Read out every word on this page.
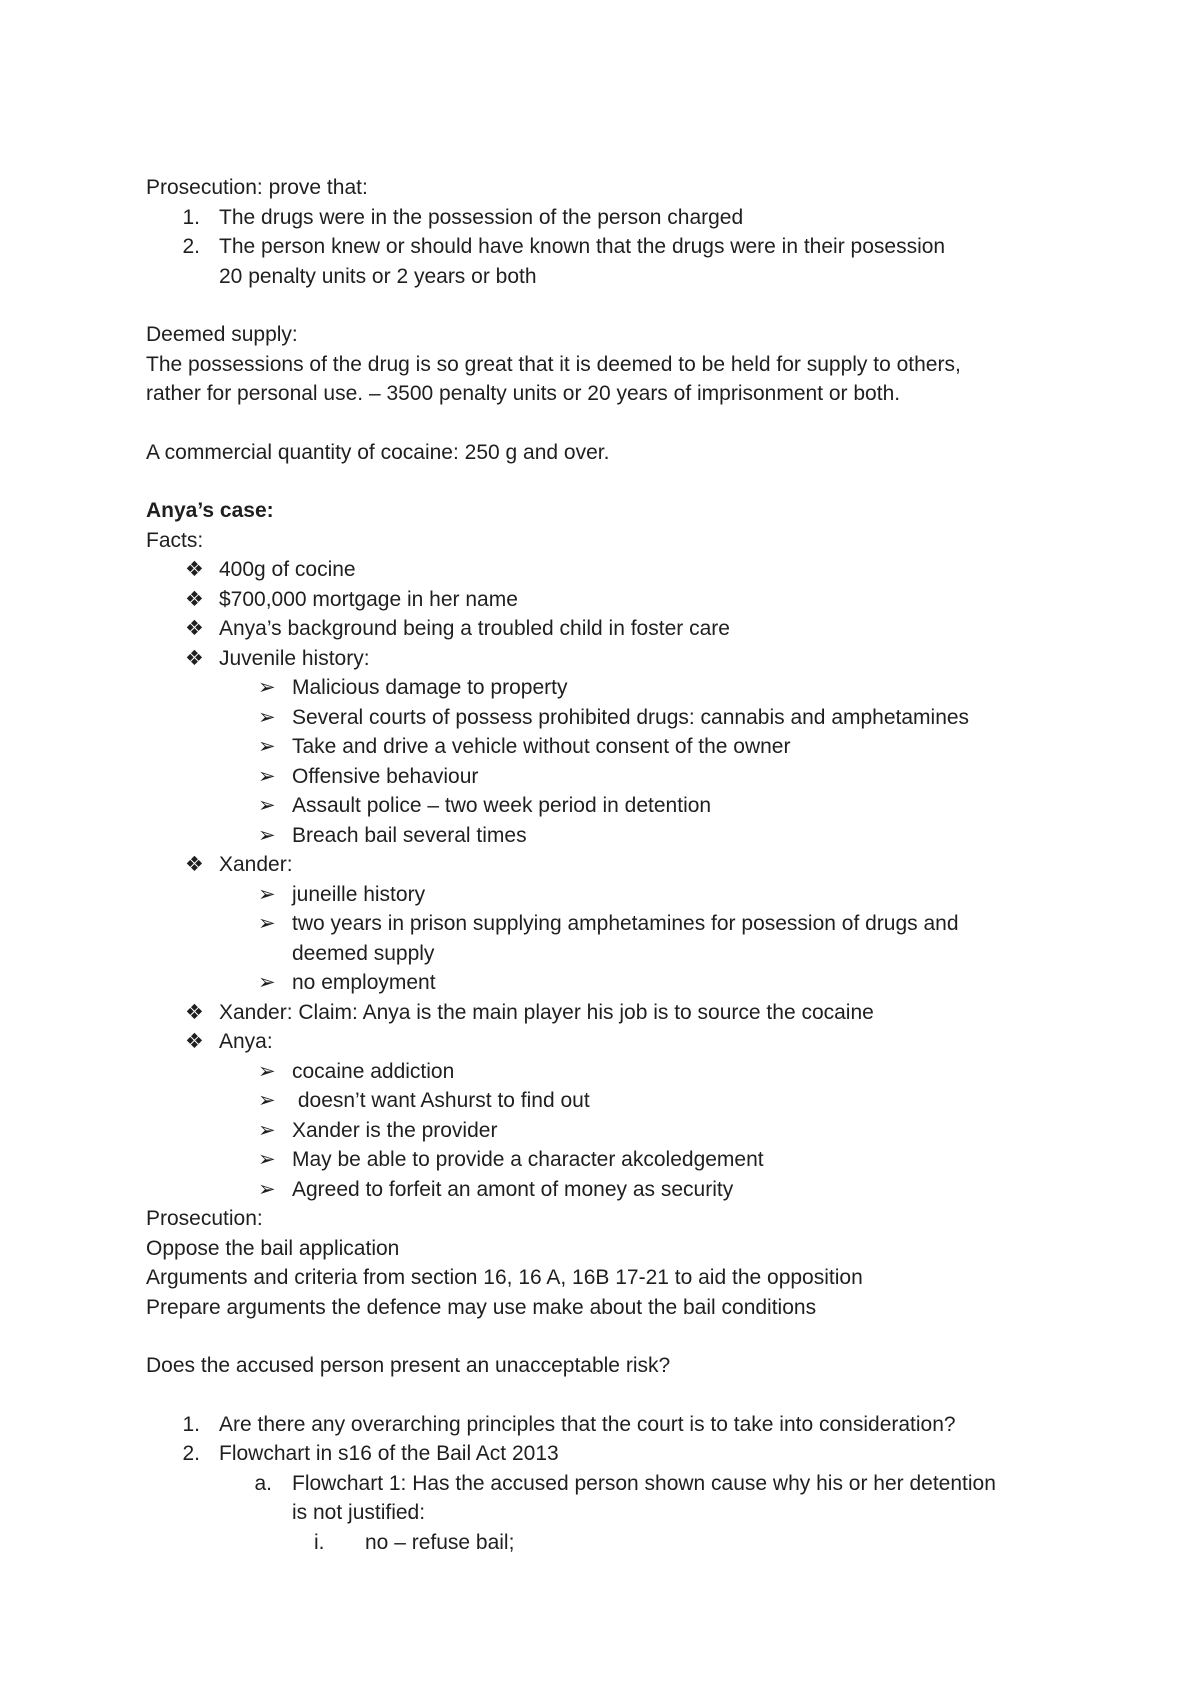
Prosecution: prove that:

1. The drugs were in the possession of the person charged
2. The person knew or should have known that the drugs were in their posession

20 penalty units or 2 years or both

Deemed supply:

The possessions of the drug is so great that it is deemed to be held for supply to others,

rather for personal use. – 3500 penalty units or 20 years of imprisonment or both.

A commercial quantity of cocaine: 250 g and over.

Anya’s case:

Facts:

❖ 400g of cocine
❖ $700,000 mortgage in her name
❖ Anya’s background being a troubled child in foster care
❖ Juvenile history:
➢ Malicious damage to property
➢ Several courts of possess prohibited drugs: cannabis and amphetamines
➢ Take and drive a vehicle without consent of the owner
➢ Offensive behaviour
➢ Assault police – two week period in detention
➢ Breach bail several times
❖ Xander:
➢ juneille history
➢ two years in prison supplying amphetamines for posession of drugs and
deemed supply
➢ no employment
❖ Xander: Claim: Anya is the main player his job is to source the cocaine
❖ Anya:
➢ cocaine addiction
➢ doesn’t want Ashurst to find out
➢ Xander is the provider
➢ May be able to provide a character akcoledgement
➢ Agreed to forfeit an amont of money as security

Prosecution:

Oppose the bail application

Arguments and criteria from section 16, 16 A, 16B 17-21 to aid the opposition

Prepare arguments the defence may use make about the bail conditions

Does the accused person present an unacceptable risk?

1. Are there any overarching principles that the court is to take into consideration?
2. Flowchart in s16 of the Bail Act 2013
a. Flowchart 1: Has the accused person shown cause why his or her detention
is not justified:
i.	no – refuse bail;
